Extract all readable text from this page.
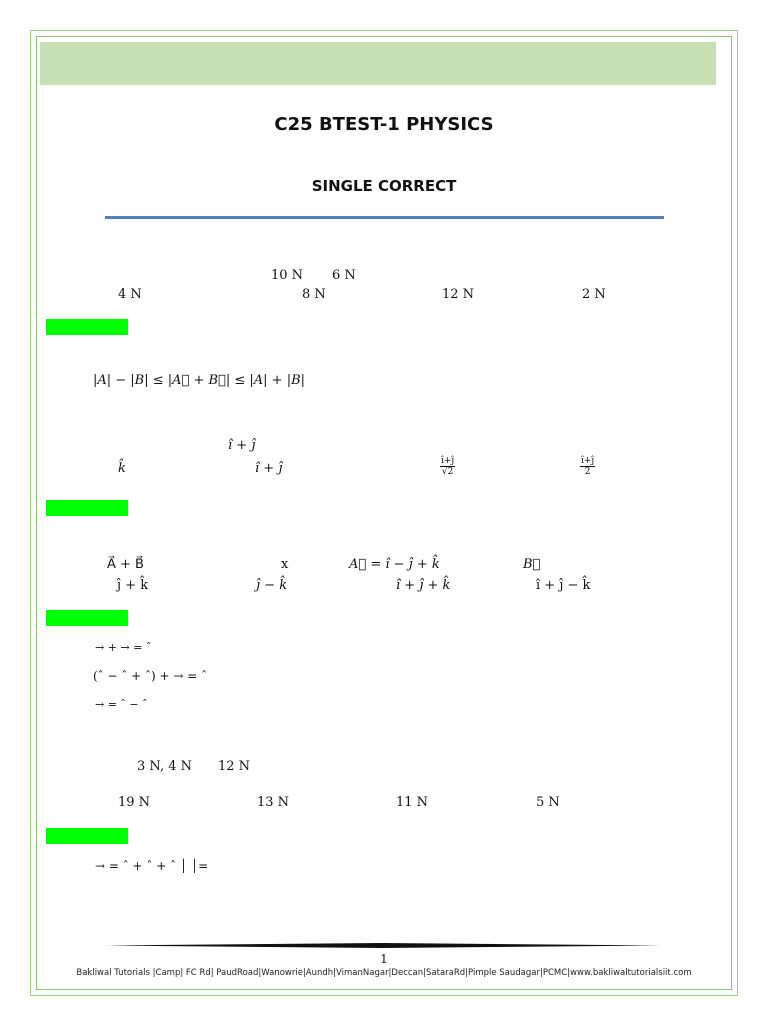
C25 BTEST-1 PHYSICS
SINGLE CORRECT
10 N 6 N
4 N	8 N	12 N	2 N
|A| − |B| ≤ |A⃗ + B⃗| ≤ |A| + |B|
î + ĵ
k̂	î + ĵ	$\frac{î+ĵ}{√2}$	$\frac{î+ĵ}{2}$
A⃗ + B⃗	x	A⃗ = î − ĵ + k̂	B⃗
ĵ + k̂	ĵ − k̂	î + ĵ + k̂	î + ĵ − k̂
→ + → = ˆ
(ˆ − ˆ + ˆ) + → = ˆ
→ = ˆ − ˆ
3 N, 4 N 12 N
19 N	13 N	11 N	5 N
→ = ˆ + ˆ + ˆ │ │=
1
Bakliwal Tutorials |Camp| FC Rd| PaudRoad|Wanowrie|Aundh|VimanNagar|Deccan|SataraRd|Pimple Saudagar|PCMC|www.bakliwaltutorialsiit.com
